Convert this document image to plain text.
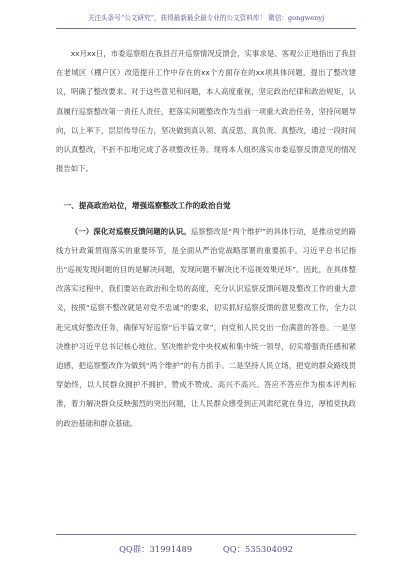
关注头条号“公文研究”，获得最新最全最专业的公文资料库！ 微信：gongwenyj

xx月xx日，市委巡察组在我县召开巡察情况反馈会，实事求是、客观公正地指出了我县在老城区（棚户区）改造提升工作中存在的xx个方面存在的xx项具体问题，提出了整改建议，明确了整改要求。对于这些意见和问题，本人高度重视，坚定政治纪律和政治规矩，认真履行巡察整改第一责任人责任，把落实问题整改作为当前一项重大政治任务，坚持问题导向，以上率下，层层传导压力，坚决做到真认领、真反思、真负责、真整改，通过一段时间的认真整改，不折不扣地完成了各项整改任务。现将本人组织落实市委巡察反馈意见的情况报告如下。

一、提高政治站位，增强巡察整改工作的政治自觉

（一）深化对巡察反馈问题的认识。巡察整改是“两个维护”的具体行动，是推动党的路线方针政策贯彻落实的重要环节，是全面从严治党战略部署的重要抓手。习近平总书记指出“巡视发现问题的目的是解决问题，发现问题不解决比不巡视效果还坏”。因此，在具体整改落实过程中，我们要站在政治和全局的高度，充分认识巡察反馈问题及整改工作的重大意义，按照“巡察不整改就是对党不忠诚”的要求，切实抓好巡察反馈的意见整改工作，全力以赴完成好整改任务，确保写好巡察“后半篇文章”，向党和人民交出一份满意的答卷。一是坚决维护习近平总书记核心地位、坚决维护党中央权威和集中统一领导，切实增强责任感和紧迫感，把巡察整改作为做到“两个维护”的有力抓手。二是坚持人民立场，把党的群众路线贯穿始终，以人民群众拥护不拥护、赞成不赞成、高兴不高兴、答应不答应作为根本评判标准，着力解决群众反映强烈的突出问题，让人民群众感受到正风肃纪就在身边，厚植党执政的政治基础和群众基础。

QQ群：31991489	QQ：535304092
